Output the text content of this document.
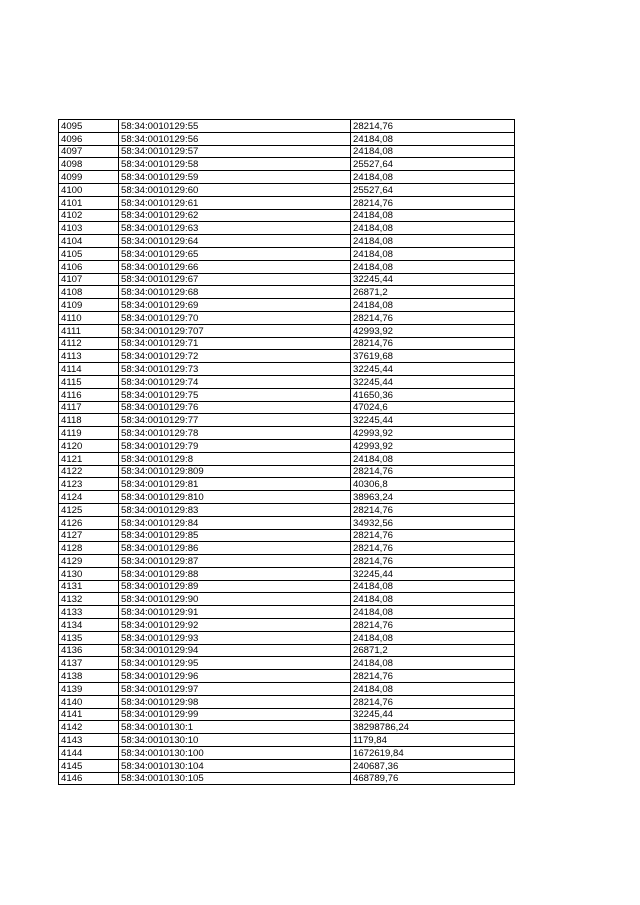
4095	58:34:0010129:55	28214,76
4096	58:34:0010129:56	24184,08
4097	58:34:0010129:57	24184,08
4098	58:34:0010129:58	25527,64
4099	58:34:0010129:59	24184,08
4100	58:34:0010129:60	25527,64
4101	58:34:0010129:61	28214,76
4102	58:34:0010129:62	24184,08
4103	58:34:0010129:63	24184,08
4104	58:34:0010129:64	24184,08
4105	58:34:0010129:65	24184,08
4106	58:34:0010129:66	24184,08
4107	58:34:0010129:67	32245,44
4108	58:34:0010129:68	26871,2
4109	58:34:0010129:69	24184,08
4110	58:34:0010129:70	28214,76
4111	58:34:0010129:707	42993,92
4112	58:34:0010129:71	28214,76
4113	58:34:0010129:72	37619,68
4114	58:34:0010129:73	32245,44
4115	58:34:0010129:74	32245,44
4116	58:34:0010129:75	41650,36
4117	58:34:0010129:76	47024,6
4118	58:34:0010129:77	32245,44
4119	58:34:0010129:78	42993,92
4120	58:34:0010129:79	42993,92
4121	58:34:0010129:8	24184,08
4122	58:34:0010129:809	28214,76
4123	58:34:0010129:81	40306,8
4124	58:34:0010129:810	38963,24
4125	58:34:0010129:83	28214,76
4126	58:34:0010129:84	34932,56
4127	58:34:0010129:85	28214,76
4128	58:34:0010129:86	28214,76
4129	58:34:0010129:87	28214,76
4130	58:34:0010129:88	32245,44
4131	58:34:0010129:89	24184,08
4132	58:34:0010129:90	24184,08
4133	58:34:0010129:91	24184,08
4134	58:34:0010129:92	28214,76
4135	58:34:0010129:93	24184,08
4136	58:34:0010129:94	26871,2
4137	58:34:0010129:95	24184,08
4138	58:34:0010129:96	28214,76
4139	58:34:0010129:97	24184,08
4140	58:34:0010129:98	28214,76
4141	58:34:0010129:99	32245,44
4142	58:34:0010130:1	38298786,24
4143	58:34:0010130:10	1179,84
4144	58:34:0010130:100	1672619,84
4145	58:34:0010130:104	240687,36
4146	58:34:0010130:105	468789,76
